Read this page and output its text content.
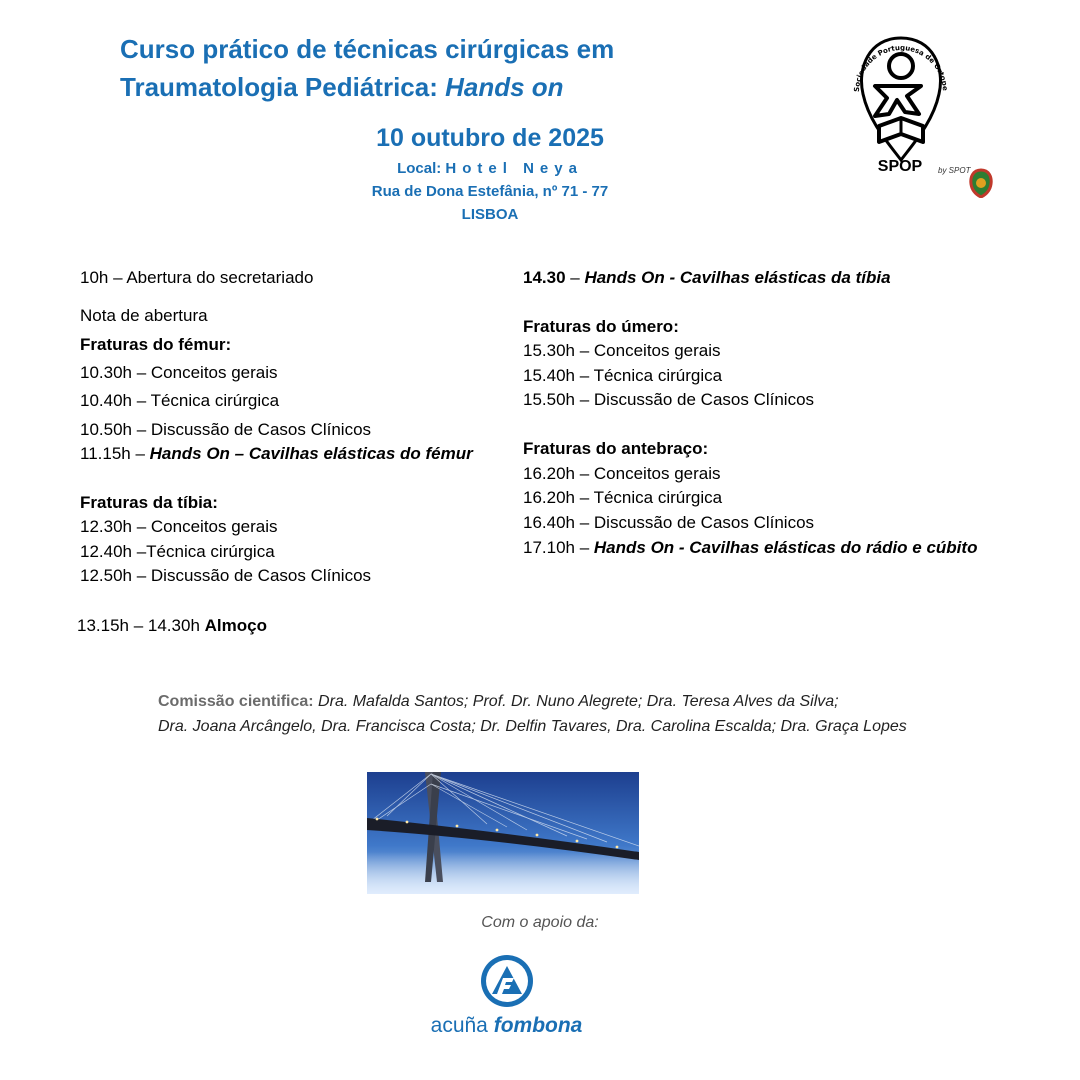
Curso prático de técnicas cirúrgicas em
Traumatologia Pediátrica: Hands on
10 outubro de 2025
Local: Hotel Neya
Rua de Dona Estefânia, nº 71 - 77
LISBOA
Sociedade Portuguesa de Ortope
SPOP	by SPOT
10h – Abertura do secretariado
Nota de abertura
Fraturas do fémur:
10.30h – Conceitos gerais
10.40h – Técnica cirúrgica
10.50h – Discussão de Casos Clínicos
11.15h – Hands On – Cavilhas elásticas do fémur
Fraturas da tíbia:
12.30h – Conceitos gerais
12.40h –Técnica cirúrgica
12.50h – Discussão de Casos Clínicos
13.15h – 14.30h Almoço
14.30 – Hands On - Cavilhas elásticas da tíbia
Fraturas do úmero:
15.30h – Conceitos gerais
15.40h – Técnica cirúrgica
15.50h – Discussão de Casos Clínicos
Fraturas do antebraço:
16.20h – Conceitos gerais
16.20h – Técnica cirúrgica
16.40h – Discussão de Casos Clínicos
17.10h – Hands On - Cavilhas elásticas do rádio e cúbito
Comissão cientifica: Dra. Mafalda Santos; Prof. Dr. Nuno Alegrete; Dra. Teresa Alves da Silva;
Dra. Joana Arcângelo, Dra. Francisca Costa; Dr. Delfin Tavares, Dra. Carolina Escalda; Dra. Graça Lopes
Com o apoio da:
acuña fombona
